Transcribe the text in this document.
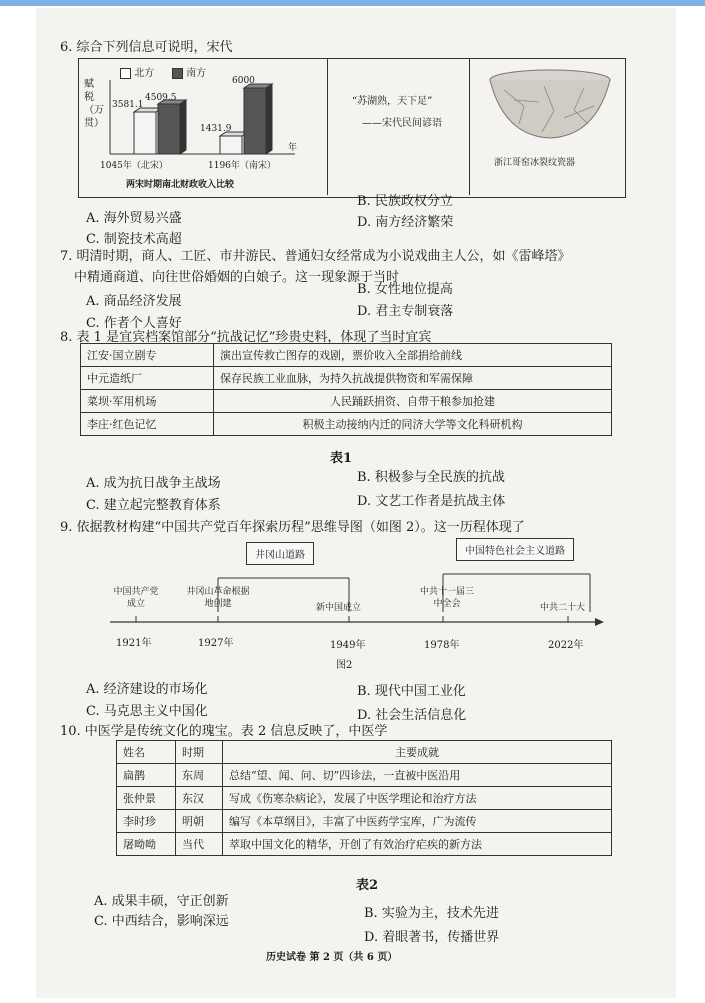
6. 综合下列信息可说明，宋代
赋税（万贯）
北方	南方
3581.1
4509.5
1431.9
6000
年
1045年（北宋）	1196年（南宋）
两宋时期南北财政收入比较
“苏湖熟，天下足”
——宋代民间谚语
浙江哥窑冰裂纹瓷器
A. 海外贸易兴盛
B. 民族政权分立
C. 制瓷技术高超
D. 南方经济繁荣
7. 明清时期，商人、工匠、市井游民、普通妇女经常成为小说戏曲主人公，如《雷峰塔》
中精通商道、向往世俗婚姻的白娘子。这一现象源于当时
A. 商品经济发展
B. 女性地位提高
C. 作者个人喜好
D. 君主专制衰落
8. 表 1 是宜宾档案馆部分“抗战记忆”珍贵史料，体现了当时宜宾
江安·国立剧专	演出宣传救亡图存的戏剧，票价收入全部捐给前线
中元造纸厂	保存民族工业血脉，为持久抗战提供物资和军需保障
菜坝·军用机场	人民踊跃捐资、自带干粮参加抢建
李庄·红色记忆	积极主动接纳内迁的同济大学等文化科研机构
表1
A. 成为抗日战争主战场	B. 积极参与全民族的抗战
C. 建立起完整教育体系	D. 文艺工作者是抗战主体
9. 依据教材构建“中国共产党百年探索历程”思维导图（如图 2）。这一历程体现了
井冈山道路	中国特色社会主义道路
中国共产党成立
井冈山革命根据地创建	新中国成立
中共十一届三中全会	中共二十大
1921年	1927年	1949年	1978年	2022年
图2
A. 经济建设的市场化	B. 现代中国工业化
C. 马克思主义中国化	D. 社会生活信息化
10. 中医学是传统文化的瑰宝。表 2 信息反映了，中医学
姓名	时期	主要成就
扁鹊	东周	总结“望、闻、问、切”四诊法，一直被中医沿用
张仲景	东汉	写成《伤寒杂病论》，发展了中医学理论和治疗方法
李时珍	明朝	编写《本草纲目》，丰富了中医药学宝库，广为流传
屠呦呦	当代	萃取中国文化的精华，开创了有效治疗疟疾的新方法
表2
A. 成果丰硕，守正创新
B. 实验为主，技术先进
C. 中西结合，影响深远
D. 着眼著书，传播世界
历史试卷 第 2 页（共 6 页）
